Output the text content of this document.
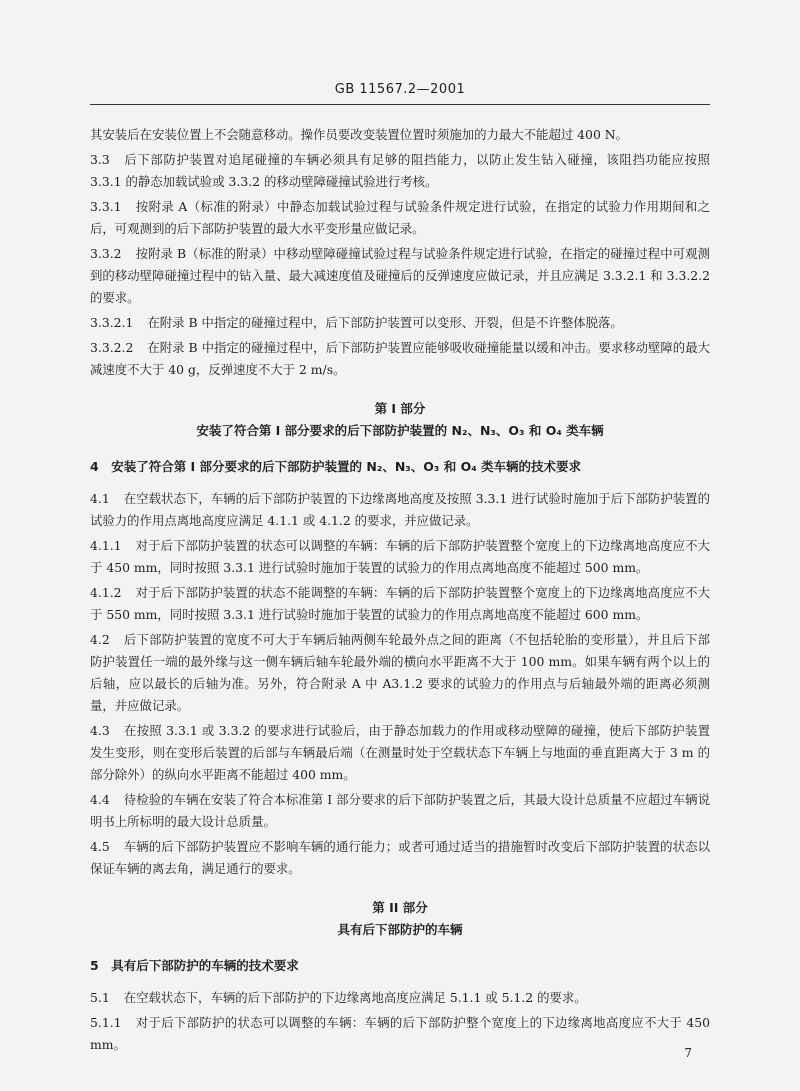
GB 11567.2—2001

其安装后在安装位置上不会随意移动。操作员要改变装置位置时须施加的力最大不能超过 400 N。

3.3 后下部防护装置对追尾碰撞的车辆必须具有足够的阻挡能力，以防止发生钻入碰撞，该阻挡功能应按照 3.3.1 的静态加载试验或 3.3.2 的移动壁障碰撞试验进行考核。

3.3.1 按附录 A（标准的附录）中静态加载试验过程与试验条件规定进行试验，在指定的试验力作用期间和之后，可观测到的后下部防护装置的最大水平变形量应做记录。

3.3.2 按附录 B（标准的附录）中移动壁障碰撞试验过程与试验条件规定进行试验，在指定的碰撞过程中可观测到的移动壁障碰撞过程中的钻入量、最大减速度值及碰撞后的反弹速度应做记录，并且应满足 3.3.2.1 和 3.3.2.2 的要求。

3.3.2.1 在附录 B 中指定的碰撞过程中，后下部防护装置可以变形、开裂，但是不许整体脱落。

3.3.2.2 在附录 B 中指定的碰撞过程中，后下部防护装置应能够吸收碰撞能量以缓和冲击。要求移动壁障的最大减速度不大于 40 g，反弹速度不大于 2 m/s。

第 I 部分

安装了符合第 I 部分要求的后下部防护装置的 N₂、N₃、O₃ 和 O₄ 类车辆

4　安装了符合第 I 部分要求的后下部防护装置的 N₂、N₃、O₃ 和 O₄ 类车辆的技术要求

4.1 在空载状态下，车辆的后下部防护装置的下边缘离地高度及按照 3.3.1 进行试验时施加于后下部防护装置的试验力的作用点离地高度应满足 4.1.1 或 4.1.2 的要求，并应做记录。

4.1.1 对于后下部防护装置的状态可以调整的车辆：车辆的后下部防护装置整个宽度上的下边缘离地高度应不大于 450 mm，同时按照 3.3.1 进行试验时施加于装置的试验力的作用点离地高度不能超过 500 mm。

4.1.2 对于后下部防护装置的状态不能调整的车辆：车辆的后下部防护装置整个宽度上的下边缘离地高度应不大于 550 mm，同时按照 3.3.1 进行试验时施加于装置的试验力的作用点离地高度不能超过 600 mm。

4.2 后下部防护装置的宽度不可大于车辆后轴两侧车轮最外点之间的距离（不包括轮胎的变形量），并且后下部防护装置任一端的最外缘与这一侧车辆后轴车轮最外端的横向水平距离不大于 100 mm。如果车辆有两个以上的后轴，应以最长的后轴为准。另外，符合附录 A 中 A3.1.2 要求的试验力的作用点与后轴最外端的距离必须测量，并应做记录。

4.3 在按照 3.3.1 或 3.3.2 的要求进行试验后，由于静态加载力的作用或移动壁障的碰撞，使后下部防护装置发生变形，则在变形后装置的后部与车辆最后端（在测量时处于空载状态下车辆上与地面的垂直距离大于 3 m 的部分除外）的纵向水平距离不能超过 400 mm。

4.4 待检验的车辆在安装了符合本标准第 I 部分要求的后下部防护装置之后，其最大设计总质量不应超过车辆说明书上所标明的最大设计总质量。

4.5 车辆的后下部防护装置应不影响车辆的通行能力；或者可通过适当的措施暂时改变后下部防护装置的状态以保证车辆的离去角，满足通行的要求。

第 II 部分

具有后下部防护的车辆

5　具有后下部防护的车辆的技术要求

5.1 在空载状态下，车辆的后下部防护的下边缘离地高度应满足 5.1.1 或 5.1.2 的要求。

5.1.1 对于后下部防护的状态可以调整的车辆：车辆的后下部防护整个宽度上的下边缘离地高度应不大于 450 mm。

7
